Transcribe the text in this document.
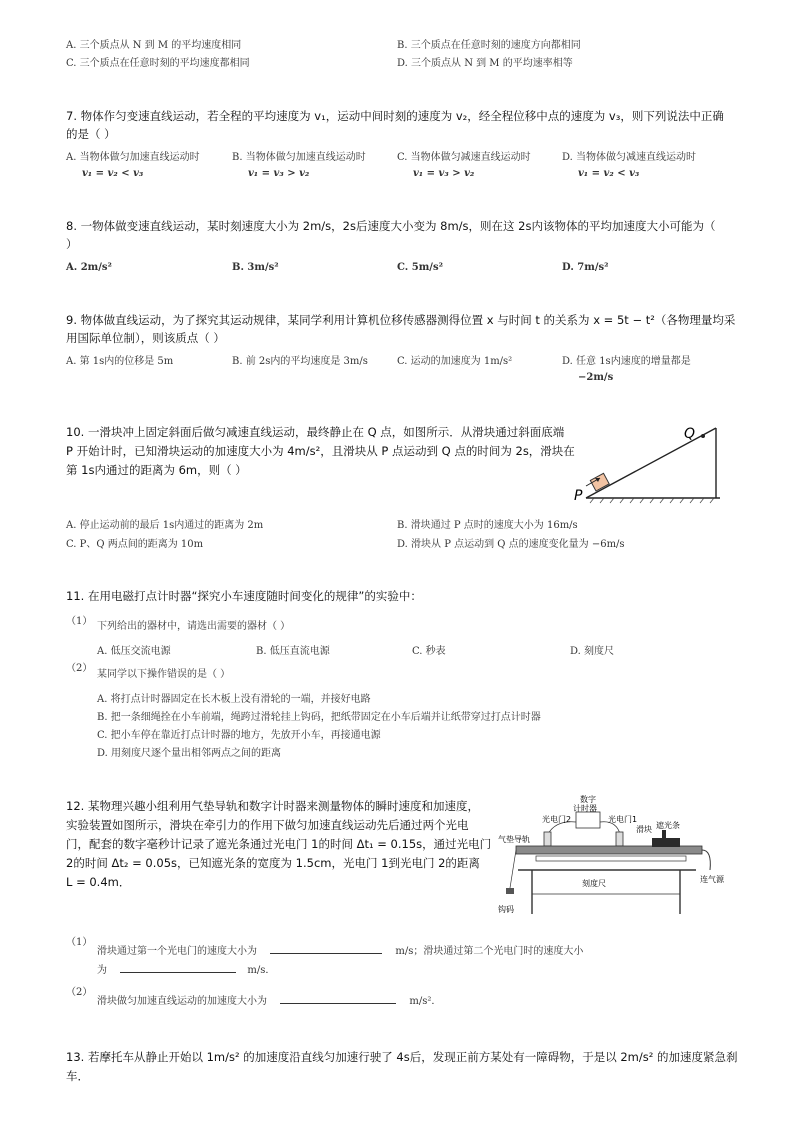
A. 三个质点从 N 到 M 的平均速度相同	B. 三个质点在任意时刻的速度方向都相同
C. 三个质点在任意时刻的平均速度都相同	D. 三个质点从 N 到 M 的平均速率相等
7. 物体作匀变速直线运动，若全程的平均速度为 v₁，运动中间时刻的速度为 v₂，经全程位移中点的速度为 v₃，则下列说法中正确
的是（ ）
A. 当物体做匀加速直线运动时
v₁ = v₂ < v₃
B. 当物体做匀加速直线运动时
v₁ = v₃ > v₂
C. 当物体做匀减速直线运动时
v₁ = v₃ > v₂
D. 当物体做匀减速直线运动时
v₁ = v₂ < v₃
8. 一物体做变速直线运动，某时刻速度大小为 2m/s，2s后速度大小变为 8m/s，则在这 2s内该物体的平均加速度大小可能为（
）
A. 2m/s²	B. 3m/s²	C. 5m/s²	D. 7m/s²
9. 物体做直线运动，为了探究其运动规律，某同学利用计算机位移传感器测得位置 x 与时间 t 的关系为 x = 5t − t²（各物理量均采
用国际单位制），则该质点（ ）
A. 第 1s内的位移是 5m	B. 前 2s内的平均速度是 3m/s	C. 运动的加速度为 1m/s²	D. 任意 1s内速度的增量都是
−2m/s
10. 一滑块冲上固定斜面后做匀减速直线运动，最终静止在 Q 点，如图所示．从滑块通过斜面底端
P 开始计时，已知滑块运动的加速度大小为 4m/s²，且滑块从 P 点运动到 Q 点的时间为 2s，滑块在
第 1s内通过的距离为 6m，则（ ）
Q
P
A. 停止运动前的最后 1s内通过的距离为 2m	B. 滑块通过 P 点时的速度大小为 16m/s
C. P、Q 两点间的距离为 10m	D. 滑块从 P 点运动到 Q 点的速度变化量为 −6m/s
11. 在用电磁打点计时器“探究小车速度随时间变化的规律”的实验中：
（1） 下列给出的器材中，请选出需要的器材（ ）
A. 低压交流电源	B. 低压直流电源	C. 秒表	D. 刻度尺
（2）
某同学以下操作错误的是（ ）
A. 将打点计时器固定在长木板上没有滑轮的一端，并接好电路
B. 把一条细绳拴在小车前端，绳跨过滑轮挂上钩码，把纸带固定在小车后端并让纸带穿过打点计时器
C. 把小车停在靠近打点计时器的地方，先放开小车，再接通电源
D. 用刻度尺逐个量出相邻两点之间的距离
12. 某物理兴趣小组利用气垫导轨和数字计时器来测量物体的瞬时速度和加速度，
实验装置如图所示，滑块在牵引力的作用下做匀加速直线运动先后通过两个光电
门，配套的数字毫秒计记录了遮光条通过光电门 1的时间 Δt₁ = 0.15s，通过光电门
2的时间 Δt₂ = 0.05s，已知遮光条的宽度为 1.5cm，光电门 1到光电门 2的距离
L = 0.4m．
数字
计时器
光电门2	光电门1
滑块 遮光条
气垫导轨
刻度尺	连气源
钩码
（1）
滑块通过第一个光电门的速度大小为	m/s；滑块通过第二个光电门时的速度大小
为	m/s．
（2）
滑块做匀加速直线运动的加速度大小为	m/s²．
13. 若摩托车从静止开始以 1m/s² 的加速度沿直线匀加速行驶了 4s后，发现正前方某处有一障碍物，于是以 2m/s² 的加速度紧急刹
车．
